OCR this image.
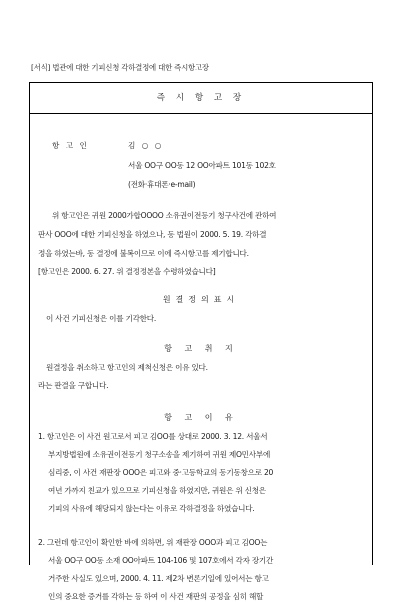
[서식] 법관에 대한 기피신청 각하결정에 대한 즉시항고장
즉 시 항 고 장
항 고 인	김 ○ ○
서울 OO구 OO동 12 OO아파트 101동 102호
(전화·휴대폰·e-mail)
위 항고인은 귀원 2000가합OOOO 소유권이전등기 청구사건에 관하여
판사 OOO에 대한 기피신청을 하였으나, 동 법원이 2000. 5. 19. 각하결
정을 하였는바, 동 결정에 불복이므로 이에 즉시항고를 제기합니다.
[항고인은 2000. 6. 27. 위 결정정본을 수령하였습니다]
원결정의표시
이 사건 기피신청은 이를 기각한다.
항 고 취 지
원결정을 취소하고 항고인의 제척신청은 이유 있다.
라는 판결을 구합니다.
항 고 이 유
1. 항고인은 이 사건 원고로서 피고 김OO를 상대로 2000. 3. 12. 서울서
부지방법원에 소유권이전등기 청구소송을 제기하여 귀원 제O민사부에
심리중, 이 사건 재판장 OOO은 피고와 중·고등학교의 동기동창으로 20
여년 가까지 친교가 있으므로 기피신청을 하였지만, 귀원은 위 신청은
기피의 사유에 해당되지 않는다는 이유로 각하결정을 하였습니다.
2. 그런데 항고인이 확인한 바에 의하면, 위 재판장 OOO과 피고 김OO는
서울 OO구 OO동 소재 OO아파트 104-106 및 107호에서 각자 장기간
거주한 사실도 있으며, 2000. 4. 11. 제2차 변론기일에 있어서는 항고
인의 중요한 증거를 각하는 등 하여 이 사건 재판의 공정을 심히 해할
